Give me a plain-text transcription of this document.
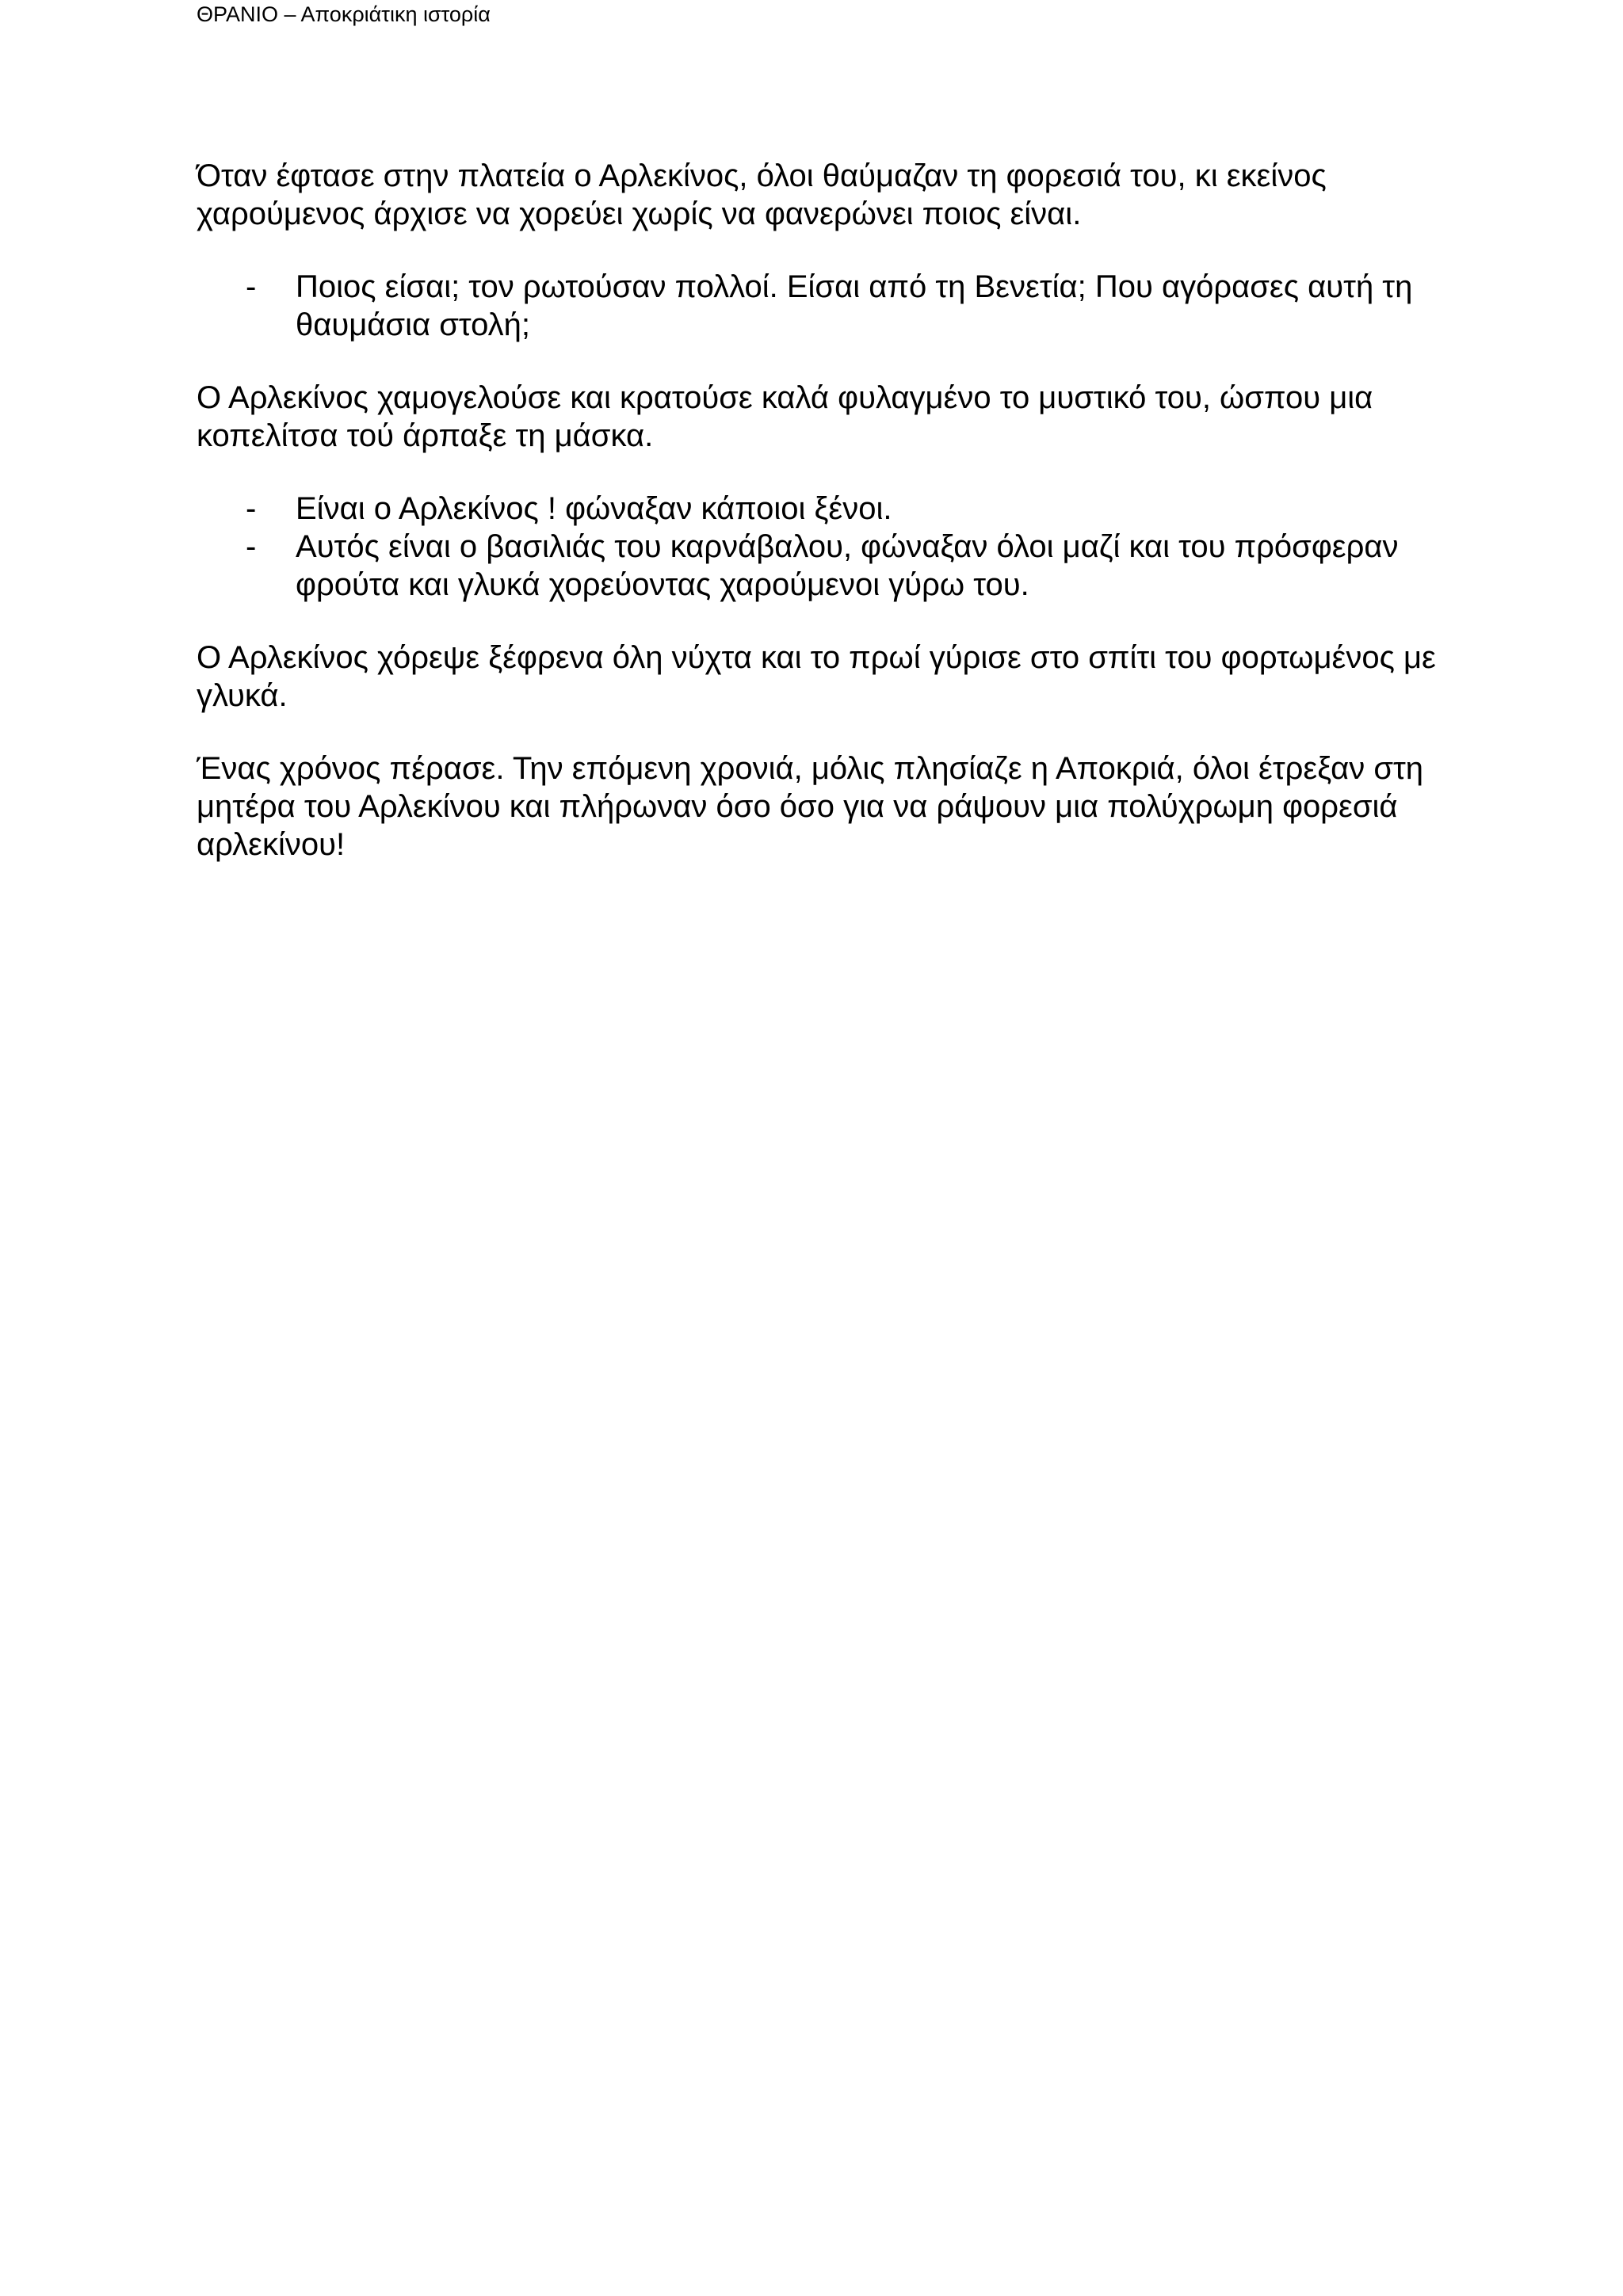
ΘΡΑΝΙΟ – Αποκριάτικη ιστορία

Όταν έφτασε στην πλατεία ο Αρλεκίνος, όλοι θαύμαζαν τη φορεσιά του, κι εκείνος χαρούμενος άρχισε να χορεύει χωρίς να φανερώνει ποιος είναι.

- Ποιος είσαι; τον ρωτούσαν πολλοί. Είσαι από τη Βενετία; Που αγόρασες αυτή τη θαυμάσια στολή;

Ο Αρλεκίνος χαμογελούσε και κρατούσε καλά φυλαγμένο το μυστικό του, ώσπου μια κοπελίτσα τού άρπαξε τη μάσκα.

- Είναι ο Αρλεκίνος ! φώναξαν κάποιοι ξένοι.
- Αυτός είναι ο βασιλιάς του καρνάβαλου, φώναξαν όλοι μαζί και του πρόσφεραν φρούτα και γλυκά χορεύοντας χαρούμενοι γύρω του.

Ο Αρλεκίνος χόρεψε ξέφρενα όλη νύχτα και το πρωί γύρισε στο σπίτι του φορτωμένος με γλυκά.

Ένας χρόνος πέρασε. Την επόμενη χρονιά, μόλις πλησίαζε η Αποκριά, όλοι έτρεξαν στη μητέρα του Αρλεκίνου και πλήρωναν όσο όσο για να ράψουν μια πολύχρωμη φορεσιά αρλεκίνου!
